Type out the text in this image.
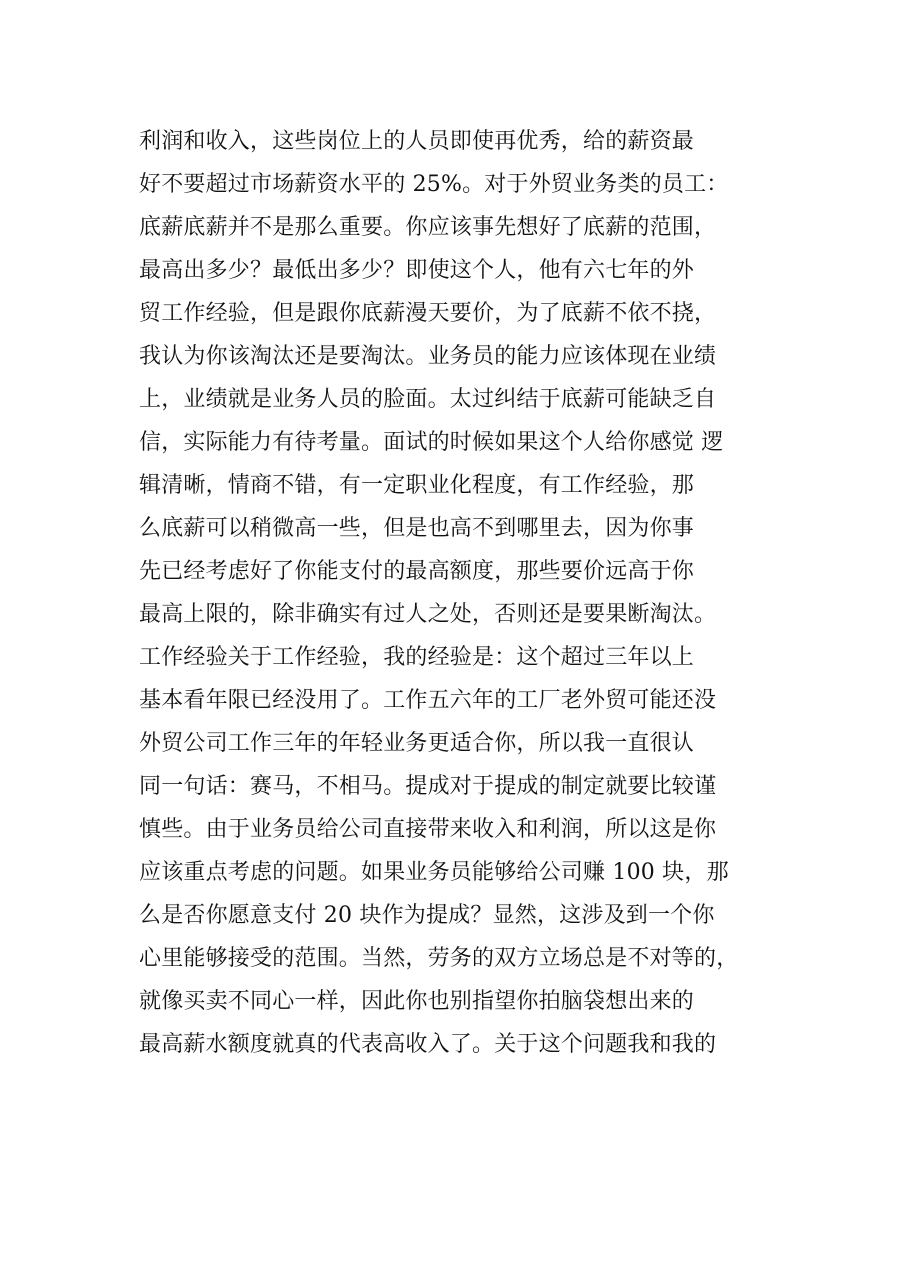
利润和收入，这些岗位上的人员即使再优秀，给的薪资最
好不要超过市场薪资水平的 25%。对于外贸业务类的员工：
底薪底薪并不是那么重要。你应该事先想好了底薪的范围，
最高出多少？最低出多少？即使这个人，他有六七年的外
贸工作经验，但是跟你底薪漫天要价，为了底薪不依不挠，
我认为你该淘汰还是要淘汰。业务员的能力应该体现在业绩
上，业绩就是业务人员的脸面。太过纠结于底薪可能缺乏自
信，实际能力有待考量。面试的时候如果这个人给你感觉 逻
辑清晰，情商不错，有一定职业化程度，有工作经验，那
么底薪可以稍微高一些，但是也高不到哪里去，因为你事
先已经考虑好了你能支付的最高额度，那些要价远高于你
最高上限的，除非确实有过人之处，否则还是要果断淘汰。
工作经验关于工作经验，我的经验是：这个超过三年以上
基本看年限已经没用了。工作五六年的工厂老外贸可能还没
外贸公司工作三年的年轻业务更适合你，所以我一直很认
同一句话：赛马，不相马。提成对于提成的制定就要比较谨
慎些。由于业务员给公司直接带来收入和利润，所以这是你
应该重点考虑的问题。如果业务员能够给公司赚 100 块，那
么是否你愿意支付 20 块作为提成？显然，这涉及到一个你
心里能够接受的范围。当然，劳务的双方立场总是不对等的，
就像买卖不同心一样，因此你也别指望你拍脑袋想出来的
最高薪水额度就真的代表高收入了。关于这个问题我和我的
